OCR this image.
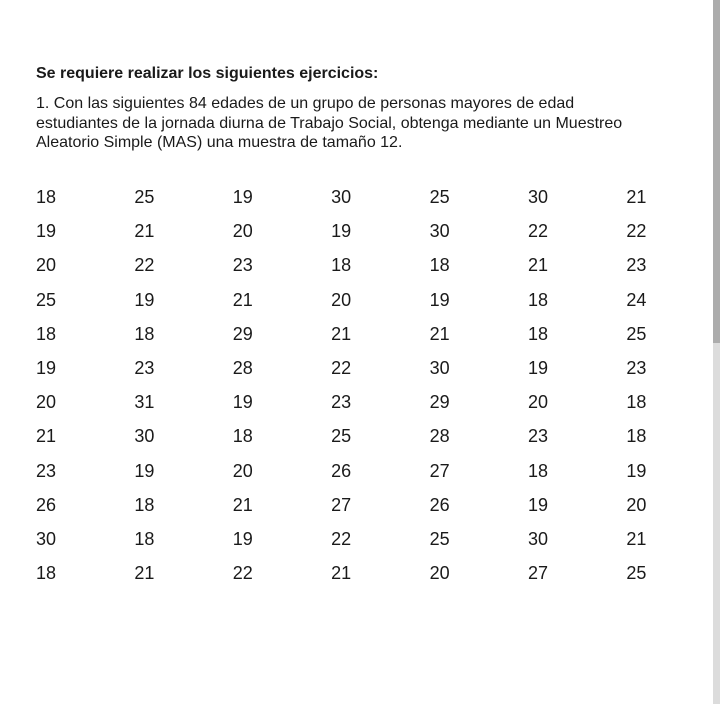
Se requiere realizar los siguientes ejercicios:
1. Con las siguientes 84 edades de un grupo de personas mayores de edad
estudiantes de la jornada diurna de Trabajo Social, obtenga mediante un Muestreo
Aleatorio Simple (MAS) una muestra de tamaño 12.
18	25	19	30	25	30	21
19	21	20	19	30	22	22
20	22	23	18	18	21	23
25	19	21	20	19	18	24
18	18	29	21	21	18	25
19	23	28	22	30	19	23
20	31	19	23	29	20	18
21	30	18	25	28	23	18
23	19	20	26	27	18	19
26	18	21	27	26	19	20
30	18	19	22	25	30	21
18	21	22	21	20	27	25
